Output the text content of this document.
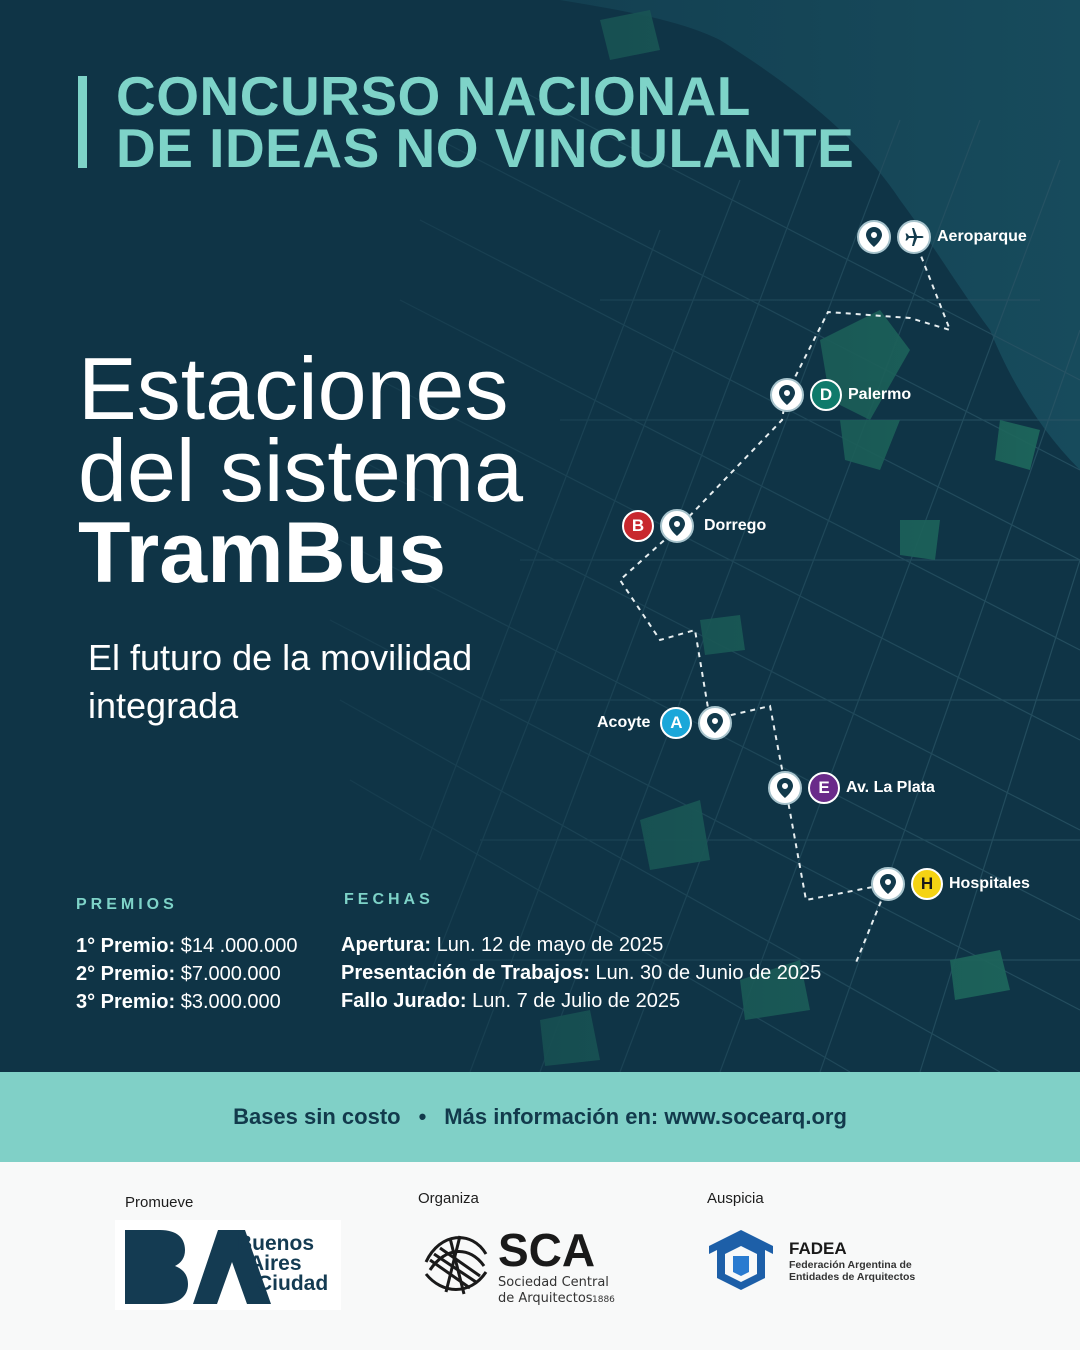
CONCURSO NACIONAL
DE IDEAS NO VINCULANTE
Estaciones
del sistema
TramBus
El futuro de la movilidad integrada
Aeroparque
D Palermo
B	Dorrego
Acoyte	A
E	Av. La Plata
H Hospitales
PREMIOS
1° Premio: $14 .000.000
2° Premio: $7.000.000
3° Premio: $3.000.000
FECHAS
Apertura: Lun. 12 de mayo de 2025
Presentación de Trabajos: Lun. 30 de Junio de 2025
Fallo Jurado: Lun. 7 de Julio de 2025
Bases sin costo • Más información en: www.socearq.org
Promueve	Organiza	Auspicia
Buenos
Aires
Ciudad
SCA
Sociedad Central
de Arquitectos 1886
FADEA
Federación Argentina de
Entidades de Arquitectos
